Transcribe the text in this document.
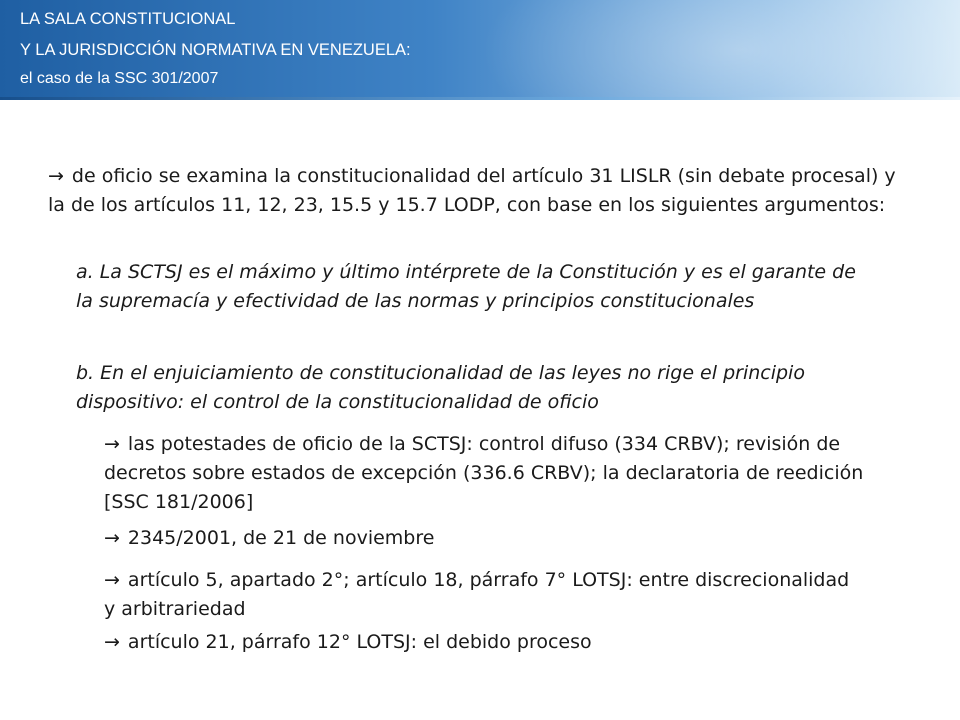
LA SALA CONSTITUCIONAL

Y LA JURISDICCIÓN NORMATIVA EN VENEZUELA:

el caso de la SSC 301/2007

→ de oficio se examina la constitucionalidad del artículo 31 LISLR (sin debate procesal) y la de los artículos 11, 12, 23, 15.5 y 15.7 LODP, con base en los siguientes argumentos:

a. La SCTSJ es el máximo y último intérprete de la Constitución y es el garante de la supremacía y efectividad de las normas y principios constitucionales

b. En el enjuiciamiento de constitucionalidad de las leyes no rige el principio dispositivo: el control de la constitucionalidad de oficio

→ las potestades de oficio de la SCTSJ: control difuso (334 CRBV); revisión de decretos sobre estados de excepción (336.6 CRBV); la declaratoria de reedición [SSC 181/2006]

→ 2345/2001, de 21 de noviembre

→ artículo 5, apartado 2°; artículo 18, párrafo 7° LOTSJ: entre discrecionalidad y arbitrariedad

→ artículo 21, párrafo 12° LOTSJ: el debido proceso
